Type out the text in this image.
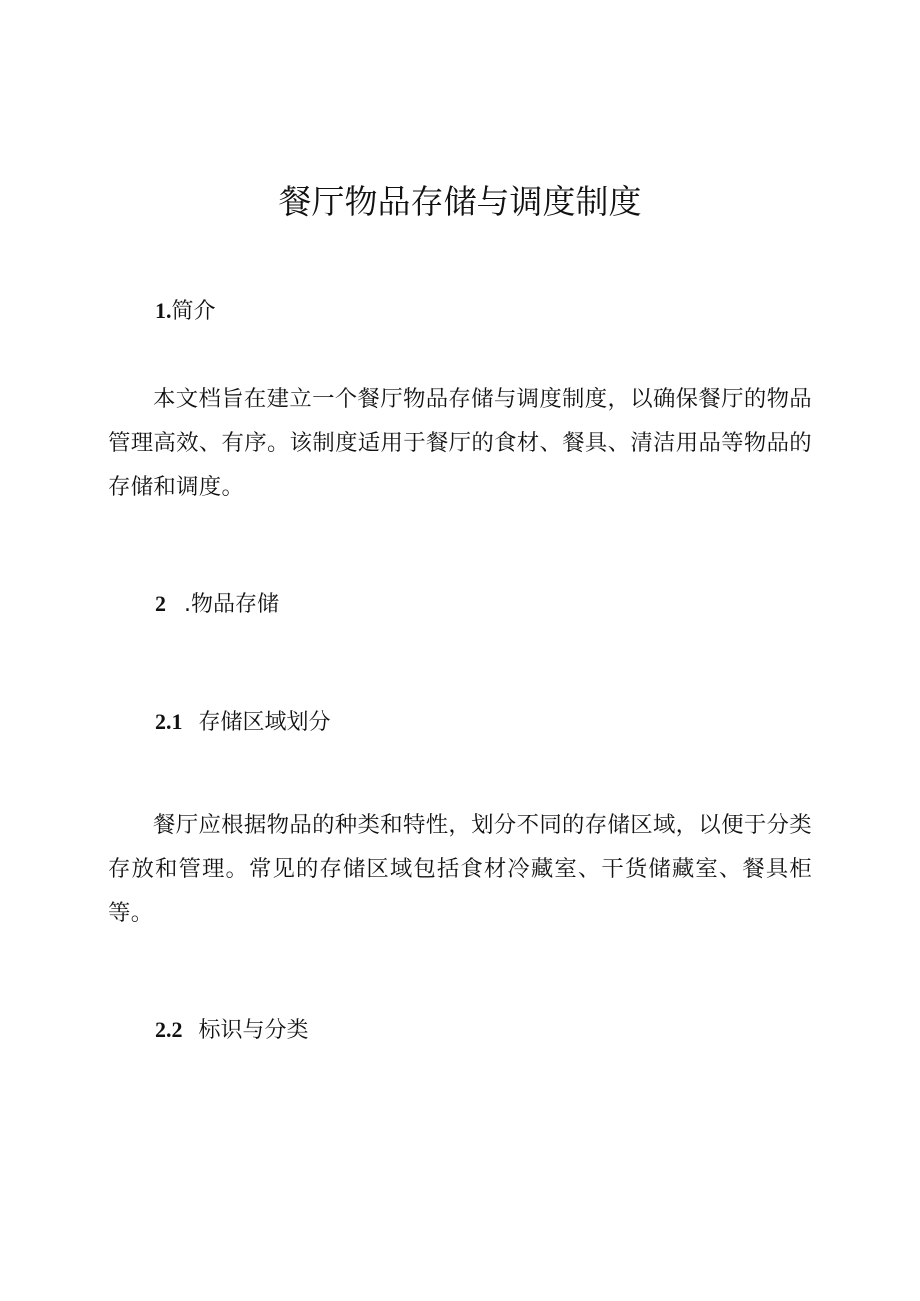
餐厅物品存储与调度制度
1.简介

本文档旨在建立一个餐厅物品存储与调度制度，以确保餐厅的物品管理高效、有序。该制度适用于餐厅的食材、餐具、清洁用品等物品的存储和调度。

2 .物品存储
2.1 存储区域划分

餐厅应根据物品的种类和特性，划分不同的存储区域，以便于分类存放和管理。常见的存储区域包括食材冷藏室、干货储藏室、餐具柜等。

2.2 标识与分类
